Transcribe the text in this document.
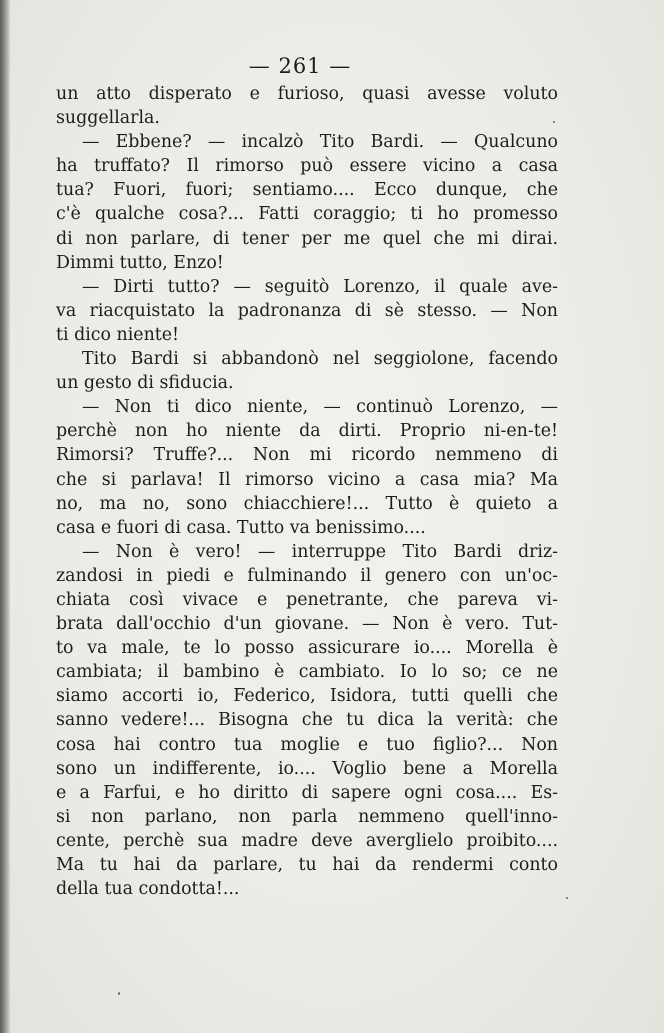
— 261 —
un atto disperato e furioso, quasi avesse voluto
suggellarla.
— Ebbene? — incalzò Tito Bardi. — Qualcuno
ha truffato? Il rimorso può essere vicino a casa
tua? Fuori, fuori; sentiamo.... Ecco dunque, che
c'è qualche cosa?... Fatti coraggio; ti ho promesso
di non parlare, di tener per me quel che mi dirai.
Dimmi tutto, Enzo!
— Dirti tutto? — seguitò Lorenzo, il quale ave-
va riacquistato la padronanza di sè stesso. — Non
ti dico niente!
Tito Bardi si abbandonò nel seggiolone, facendo
un gesto di sfiducia.
— Non ti dico niente, — continuò Lorenzo, —
perchè non ho niente da dirti. Proprio ni-en-te!
Rimorsi? Truffe?... Non mi ricordo nemmeno di
che si parlava! Il rimorso vicino a casa mia? Ma
no, ma no, sono chiacchiere!... Tutto è quieto a
casa e fuori di casa. Tutto va benissimo....
— Non è vero! — interruppe Tito Bardi driz-
zandosi in piedi e fulminando il genero con un'oc-
chiata così vivace e penetrante, che pareva vi-
brata dall'occhio d'un giovane. — Non è vero. Tut-
to va male, te lo posso assicurare io.... Morella è
cambiata; il bambino è cambiato. Io lo so; ce ne
siamo accorti io, Federico, Isidora, tutti quelli che
sanno vedere!... Bisogna che tu dica la verità: che
cosa hai contro tua moglie e tuo figlio?... Non
sono un indifferente, io.... Voglio bene a Morella
e a Farfui, e ho diritto di sapere ogni cosa.... Es-
si non parlano, non parla nemmeno quell'inno-
cente, perchè sua madre deve averglielo proibito....
Ma tu hai da parlare, tu hai da rendermi conto
della tua condotta!...
